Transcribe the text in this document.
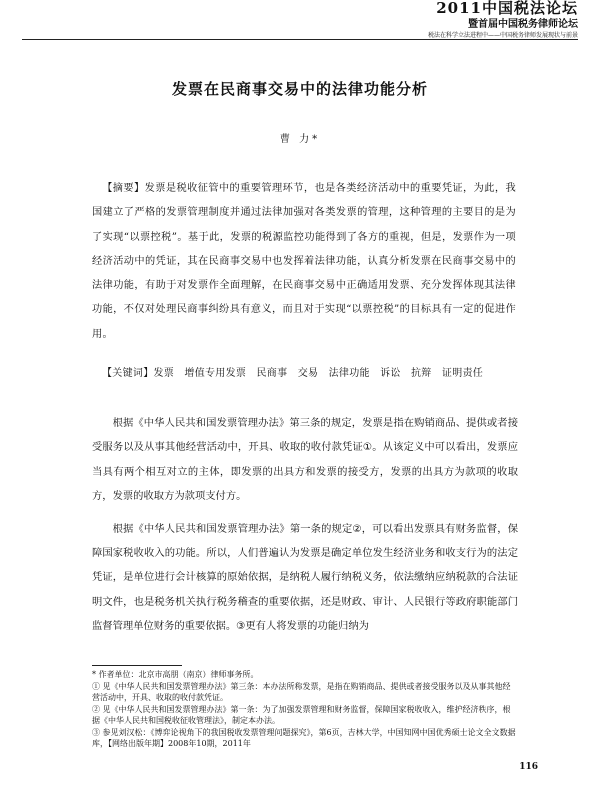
2011中国税法论坛
暨首届中国税务律师论坛
税法在科学立法进程中——中国税务律师发展现状与前景
发票在民商事交易中的法律功能分析
曹 力*
【摘要】发票是税收征管中的重要管理环节，也是各类经济活动中的重要凭证，为此，我国建立了严格的发票管理制度并通过法律加强对各类发票的管理，这种管理的主要目的是为了实现“以票控税”。基于此，发票的税源监控功能得到了各方的重视，但是，发票作为一项经济活动中的凭证，其在民商事交易中也发挥着法律功能，认真分析发票在民商事交易中的法律功能，有助于对发票作全面理解，在民商事交易中正确适用发票、充分发挥体现其法律功能，不仅对处理民商事纠纷具有意义，而且对于实现“以票控税”的目标具有一定的促进作用。
【关键词】发票　增值专用发票　民商事　交易　法律功能　诉讼　抗辩　证明责任

根据《中华人民共和国发票管理办法》第三条的规定，发票是指在购销商品、提供或者接受服务以及从事其他经营活动中，开具、收取的收付款凭证①。从该定义中可以看出，发票应当具有两个相互对立的主体，即发票的出具方和发票的接受方，发票的出具方为款项的收取方，发票的收取方为款项支付方。

根据《中华人民共和国发票管理办法》第一条的规定②，可以看出发票具有财务监督，保障国家税收收入的功能。所以，人们普遍认为发票是确定单位发生经济业务和收支行为的法定凭证，是单位进行会计核算的原始依据，是纳税人履行纳税义务，依法缴纳应纳税款的合法证明文件，也是税务机关执行税务稽查的重要依据，还是财政、审计、人民银行等政府职能部门监督管理单位财务的重要依据。③更有人将发票的功能归纳为

* 作者单位：北京市高朋（南京）律师事务所。
① 见《中华人民共和国发票管理办法》第三条：本办法所称发票，是指在购销商品、提供或者接受服务以及从事其他经营活动中，开具、收取的收付款凭证。
② 见《中华人民共和国发票管理办法》第一条：为了加强发票管理和财务监督，保障国家税收收入，维护经济秩序，根据《中华人民共和国税收征收管理法》，制定本办法。
③ 参见刘汉松：《博弈论视角下的我国税收发票管理问题探究》，第6页，吉林大学，中国知网中国优秀硕士论文全文数据库，【网络出版年期】2008年10期，2011年
116
